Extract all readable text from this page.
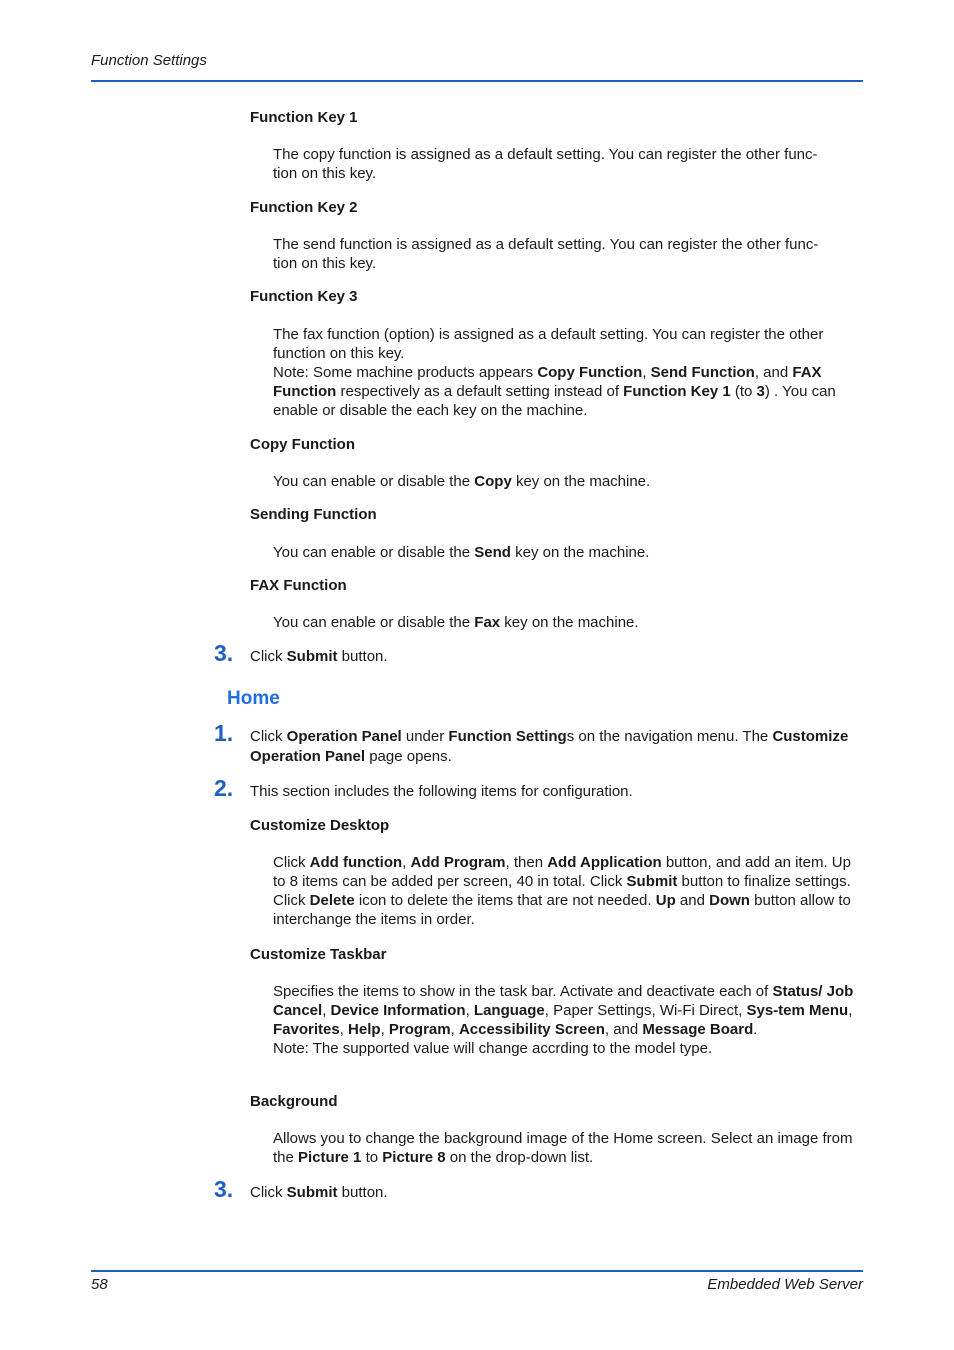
Function Settings
Function Key 1
The copy function is assigned as a default setting. You can register the other func-
tion on this key.
Function Key 2
The send function is assigned as a default setting. You can register the other func-
tion on this key.
Function Key 3
The fax function (option) is assigned as a default setting. You can register the other function on this key.
Note: Some machine products appears Copy Function, Send Function, and FAX Function respectively as a default setting instead of Function Key 1 (to 3) . You can enable or disable the each key on the machine.
Copy Function
You can enable or disable the Copy key on the machine.
Sending Function
You can enable or disable the Send key on the machine.
FAX Function
You can enable or disable the Fax key on the machine.
3. Click Submit button.
Home
1. Click Operation Panel under Function Settings on the navigation menu. The Customize Operation Panel page opens.
2. This section includes the following items for configuration.
Customize Desktop
Click Add function, Add Program, then Add Application button, and add an item. Up to 8 items can be added per screen, 40 in total. Click Submit button to finalize settings. Click Delete icon to delete the items that are not needed. Up and Down button allow to interchange the items in order.
Customize Taskbar
Specifies the items to show in the task bar. Activate and deactivate each of Status/ Job Cancel, Device Information, Language, Paper Settings, Wi-Fi Direct, Sys-tem Menu, Favorites, Help, Program, Accessibility Screen, and Message Board.
Note: The supported value will change accrding to the model type.
Background
Allows you to change the background image of the Home screen. Select an image from the Picture 1 to Picture 8 on the drop-down list.
3. Click Submit button.
58	Embedded Web Server
